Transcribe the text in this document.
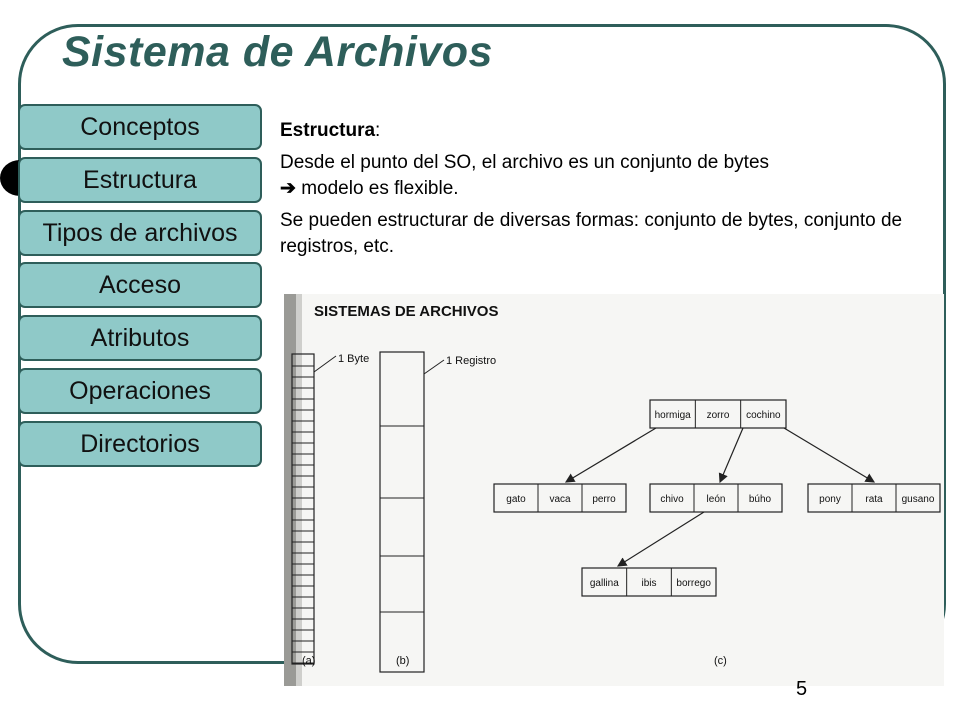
Sistema de Archivos
Conceptos
Estructura
Tipos de archivos
Acceso
Atributos
Operaciones
Directorios

Estructura:

Desde el punto del SO, el archivo es un conjunto de bytes
➔ modelo es flexible.

Se pueden estructurar de diversas formas: conjunto de bytes, conjunto de registros, etc.

SISTEMAS DE ARCHIVOS
1 Byte	1 Registro
hormiga zorro cochino
gato vaca perro	chivo león búho	pony rata gusano
gallina ibis borrego
(a)	(b)	(c)
5
